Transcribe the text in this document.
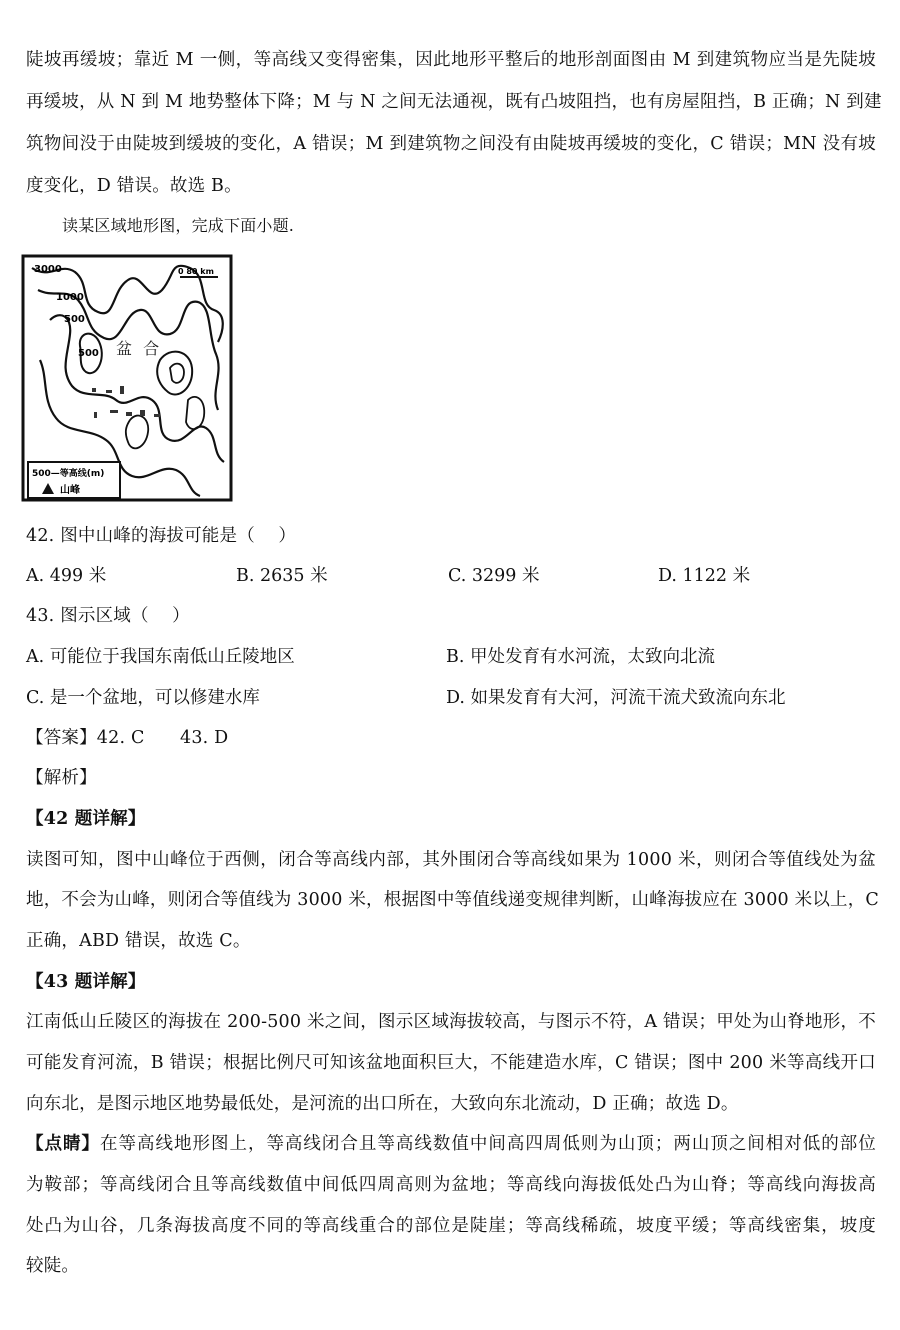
陡坡再缓坡；靠近 M 一侧，等高线又变得密集，因此地形平整后的地形剖面图由 M 到建筑物应当是先陡坡
再缓坡，从 N 到 M 地势整体下降；M 与 N 之间无法通视，既有凸坡阻挡，也有房屋阻挡，B 正确；N 到建
筑物间没于由陡坡到缓坡的变化，A 错误；M 到建筑物之间没有由陡坡再缓坡的变化，C 错误；MN 没有坡
度变化，D 错误。故选 B。
读某区域地形图，完成下面小题.
3000
1000
500
500
0 80 km
盆 合
500—等高线(m)
山峰
42. 图中山峰的海拔可能是（　 ）
A. 499 米	B. 2635 米	C. 3299 米	D. 1122 米
43. 图示区域（　 ）
A. 可能位于我国东南低山丘陵地区	B. 甲处发育有水河流，太致向北流
C. 是一个盆地，可以修建水库	D. 如果发育有大河，河流干流犬致流向东北
【答案】42. C　　43. D
【解析】
【42 题详解】
读图可知，图中山峰位于西侧，闭合等高线内部，其外围闭合等高线如果为 1000 米，则闭合等值线处为盆
地，不会为山峰，则闭合等值线为 3000 米，根据图中等值线递变规律判断，山峰海拔应在 3000 米以上，C
正确，ABD 错误，故选 C。
【43 题详解】
江南低山丘陵区的海拔在 200-500 米之间，图示区域海拔较高，与图示不符，A 错误；甲处为山脊地形，不
可能发育河流，B 错误；根据比例尺可知该盆地面积巨大，不能建造水库，C 错误；图中 200 米等高线开口
向东北，是图示地区地势最低处，是河流的出口所在，大致向东北流动，D 正确；故选 D。
【点睛】在等高线地形图上，等高线闭合且等高线数值中间高四周低则为山顶；两山顶之间相对低的部位
为鞍部；等高线闭合且等高线数值中间低四周高则为盆地；等高线向海拔低处凸为山脊；等高线向海拔高
处凸为山谷，几条海拔高度不同的等高线重合的部位是陡崖；等高线稀疏，坡度平缓；等高线密集，坡度
较陡。
